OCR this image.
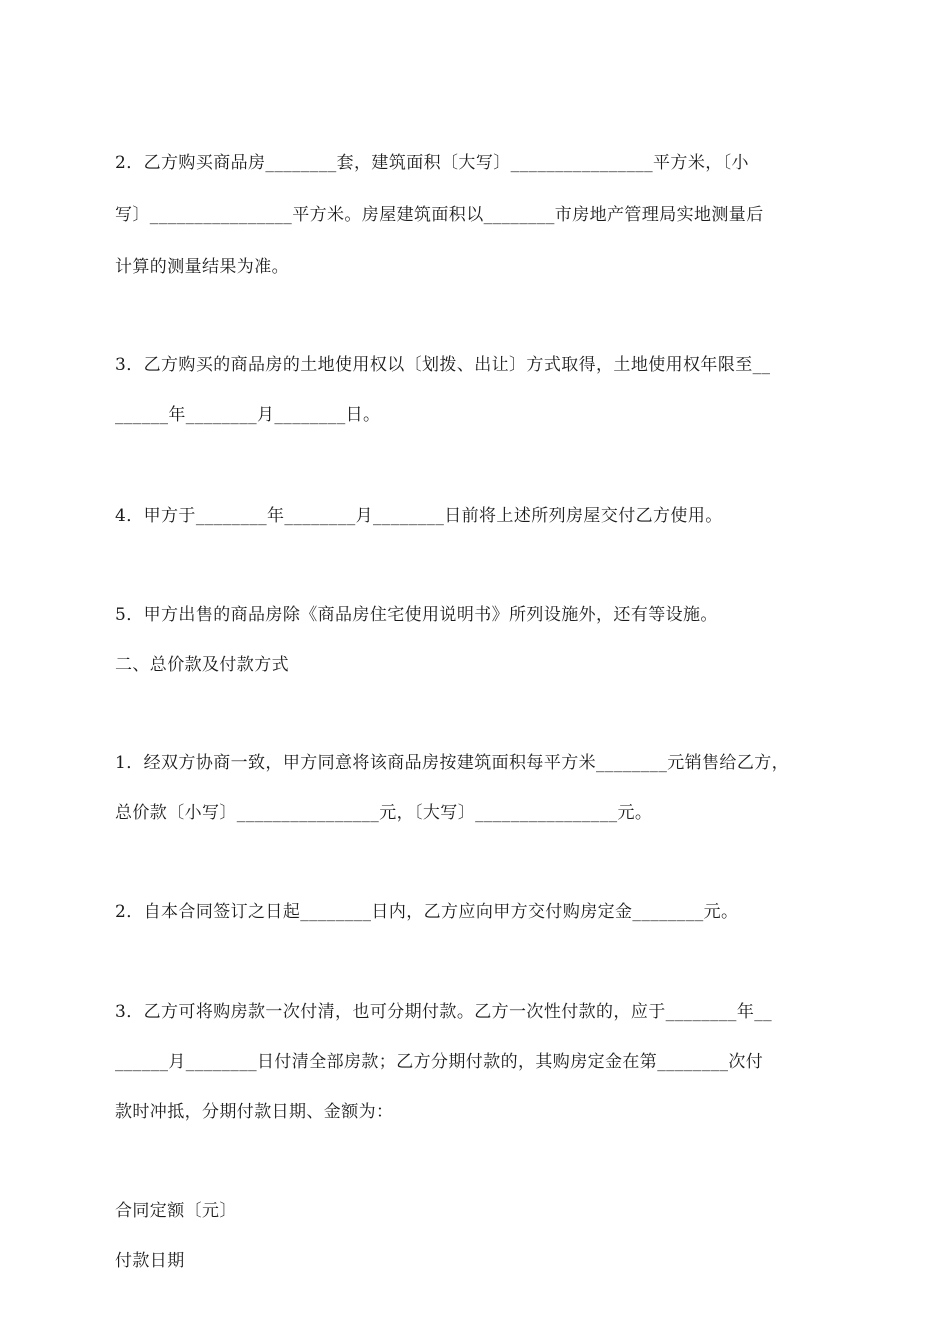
2．乙方购买商品房________套，建筑面积〔大写〕________________平方米，〔小
写〕________________平方米。房屋建筑面积以________市房地产管理局实地测量后
计算的测量结果为准。
3．乙方购买的商品房的土地使用权以〔划拨、出让〕方式取得，土地使用权年限至__
______年________月________日。
4．甲方于________年________月________日前将上述所列房屋交付乙方使用。
5．甲方出售的商品房除《商品房住宅使用说明书》所列设施外，还有等设施。
二、总价款及付款方式
1．经双方协商一致，甲方同意将该商品房按建筑面积每平方米________元销售给乙方，
总价款〔小写〕________________元，〔大写〕________________元。
2．自本合同签订之日起________日内，乙方应向甲方交付购房定金________元。
3．乙方可将购房款一次付清，也可分期付款。乙方一次性付款的，应于________年__
______月________日付清全部房款；乙方分期付款的，其购房定金在第________次付
款时冲抵，分期付款日期、金额为：
合同定额〔元〕
付款日期
